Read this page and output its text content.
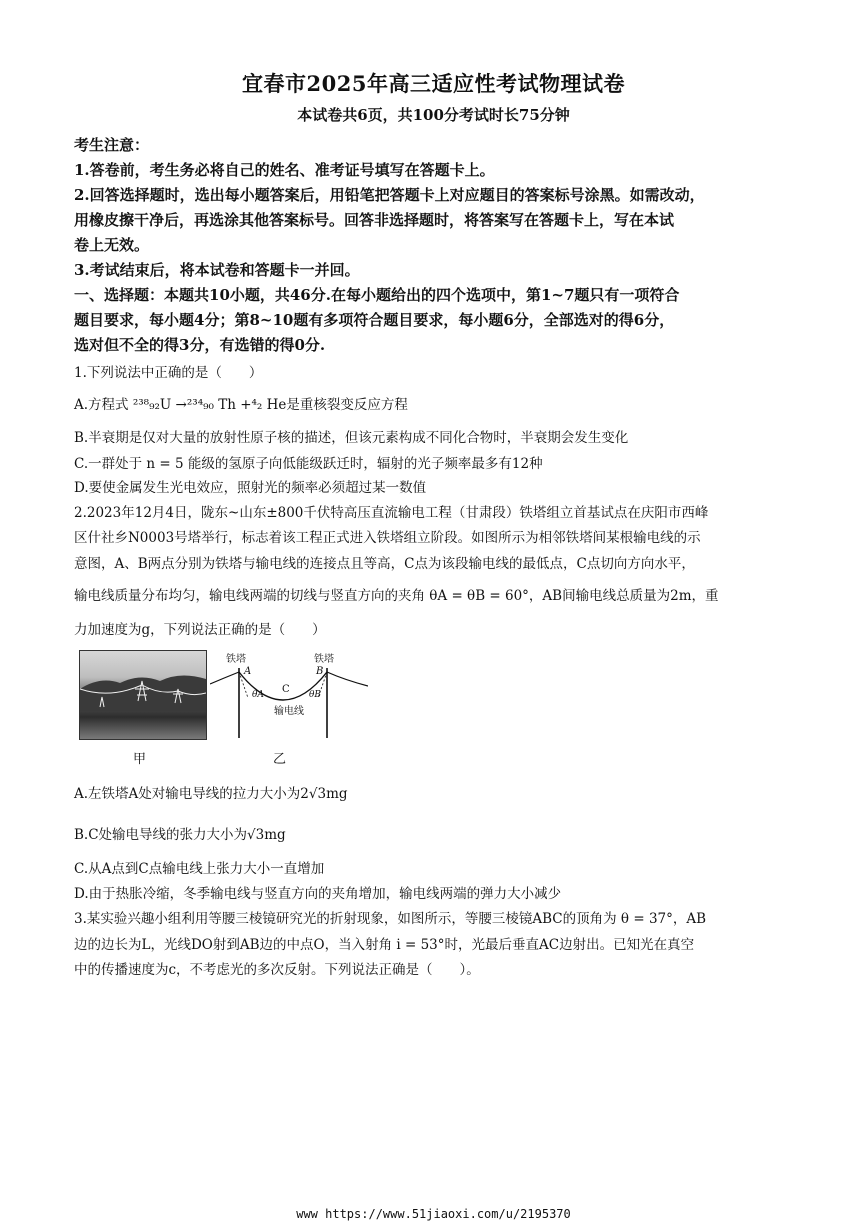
宜春市2025年高三适应性考试物理试卷
本试卷共6页，共100分考试时长75分钟
考生注意：
1.答卷前，考生务必将自己的姓名、准考证号填写在答题卡上。
2.回答选择题时，选出每小题答案后，用铅笔把答题卡上对应题目的答案标号涂黑。如需改动，
用橡皮擦干净后，再选涂其他答案标号。回答非选择题时，将答案写在答题卡上，写在本试
卷上无效。
3.考试结束后，将本试卷和答题卡一并回。
一、选择题：本题共10小题，共46分.在每小题给出的四个选项中，第1~7题只有一项符合
题目要求，每小题4分；第8~10题有多项符合题目要求，每小题6分，全部选对的得6分，
选对但不全的得3分，有选错的得0分.
1.下列说法中正确的是（　　）
A.方程式 ²³⁸₉₂U →²³⁴₉₀ Th +⁴₂ He是重核裂变反应方程
B.半衰期是仅对大量的放射性原子核的描述，但该元素构成不同化合物时，半衰期会发生变化
C.一群处于 n = 5 能级的氢原子向低能级跃迁时，辐射的光子频率最多有12种
D.要使金属发生光电效应，照射光的频率必须超过某一数值
2.2023年12月4日，陇东~山东±800千伏特高压直流输电工程（甘肃段）铁塔组立首基试点在庆阳市西峰
区什社乡N0003号塔举行，标志着该工程正式进入铁塔组立阶段。如图所示为相邻铁塔间某根输电线的示
意图，A、B两点分别为铁塔与输电线的连接点且等高，C点为该段输电线的最低点，C点切向方向水平，
输电线质量分布均匀，输电线两端的切线与竖直方向的夹角 θA = θB = 60°，AB间输电线总质量为2m，重
力加速度为g，下列说法正确的是（　　）
甲
铁塔	铁塔
A	B
C
θA	θB
输电线
乙
A.左铁塔A处对输电导线的拉力大小为2√3mg
B.C处输电导线的张力大小为√3mg
C.从A点到C点输电线上张力大小一直增加
D.由于热胀冷缩，冬季输电线与竖直方向的夹角增加，输电线两端的弹力大小减少
3.某实验兴趣小组利用等腰三棱镜研究光的折射现象，如图所示，等腰三棱镜ABC的顶角为 θ = 37°，AB
边的边长为L，光线DO射到AB边的中点O，当入射角 i = 53°时，光最后垂直AC边射出。已知光在真空
中的传播速度为c，不考虑光的多次反射。下列说法正确是（　　）。
www https://www.51jiaoxi.com/u/2195370
